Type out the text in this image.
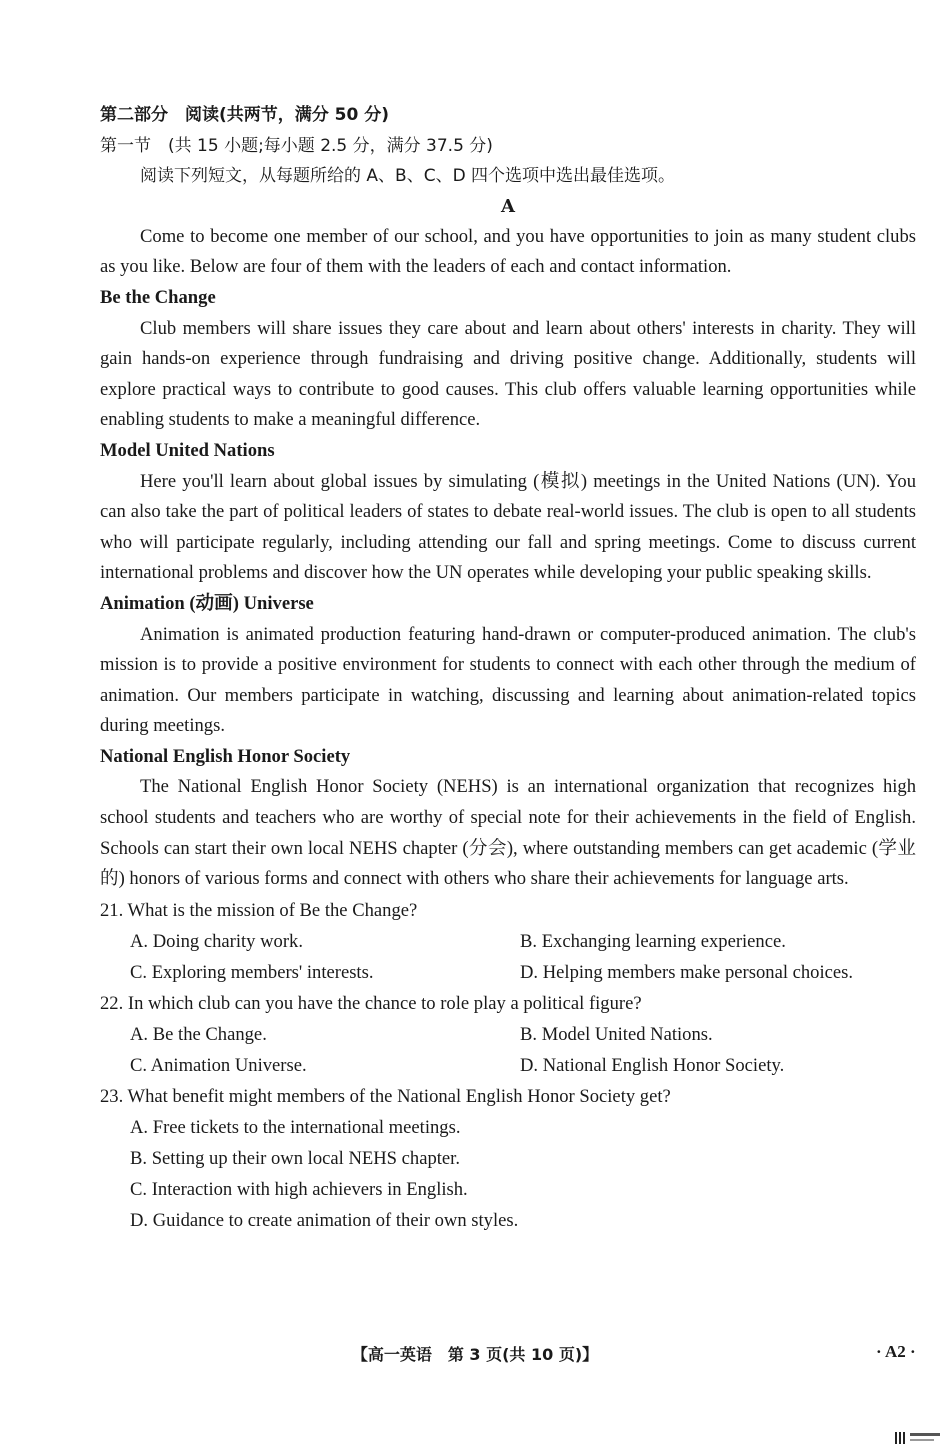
第二部分　阅读(共两节，满分 50 分)

第一节　(共 15 小题;每小题 2.5 分，满分 37.5 分)

阅读下列短文，从每题所给的 A、B、C、D 四个选项中选出最佳选项。

A

Come to become one member of our school, and you have opportunities to join as many student clubs as you like. Below are four of them with the leaders of each and contact information.

Be the Change

Club members will share issues they care about and learn about others' interests in charity. They will gain hands-on experience through fundraising and driving positive change. Additionally, students will explore practical ways to contribute to good causes. This club offers valuable learning opportunities while enabling students to make a meaningful difference.

Model United Nations

Here you'll learn about global issues by simulating (模拟) meetings in the United Nations (UN). You can also take the part of political leaders of states to debate real-world issues. The club is open to all students who will participate regularly, including attending our fall and spring meetings. Come to discuss current international problems and discover how the UN operates while developing your public speaking skills.

Animation (动画) Universe

Animation is animated production featuring hand-drawn or computer-produced animation. The club's mission is to provide a positive environment for students to connect with each other through the medium of animation. Our members participate in watching, discussing and learning about animation-related topics during meetings.

National English Honor Society

The National English Honor Society (NEHS) is an international organization that recognizes high school students and teachers who are worthy of special note for their achievements in the field of English. Schools can start their own local NEHS chapter (分会), where outstanding members can get academic (学业的) honors of various forms and connect with others who share their achievements for language arts.

21. What is the mission of Be the Change?

A. Doing charity work.	B. Exchanging learning experience.
C. Exploring members' interests.	D. Helping members make personal choices.

22. In which club can you have the chance to role play a political figure?

A. Be the Change.	B. Model United Nations.
C. Animation Universe.	D. National English Honor Society.

23. What benefit might members of the National English Honor Society get?

A. Free tickets to the international meetings.

B. Setting up their own local NEHS chapter.

C. Interaction with high achievers in English.

D. Guidance to create animation of their own styles.

【高一英语　第 3 页(共 10 页)】	· A2 ·
